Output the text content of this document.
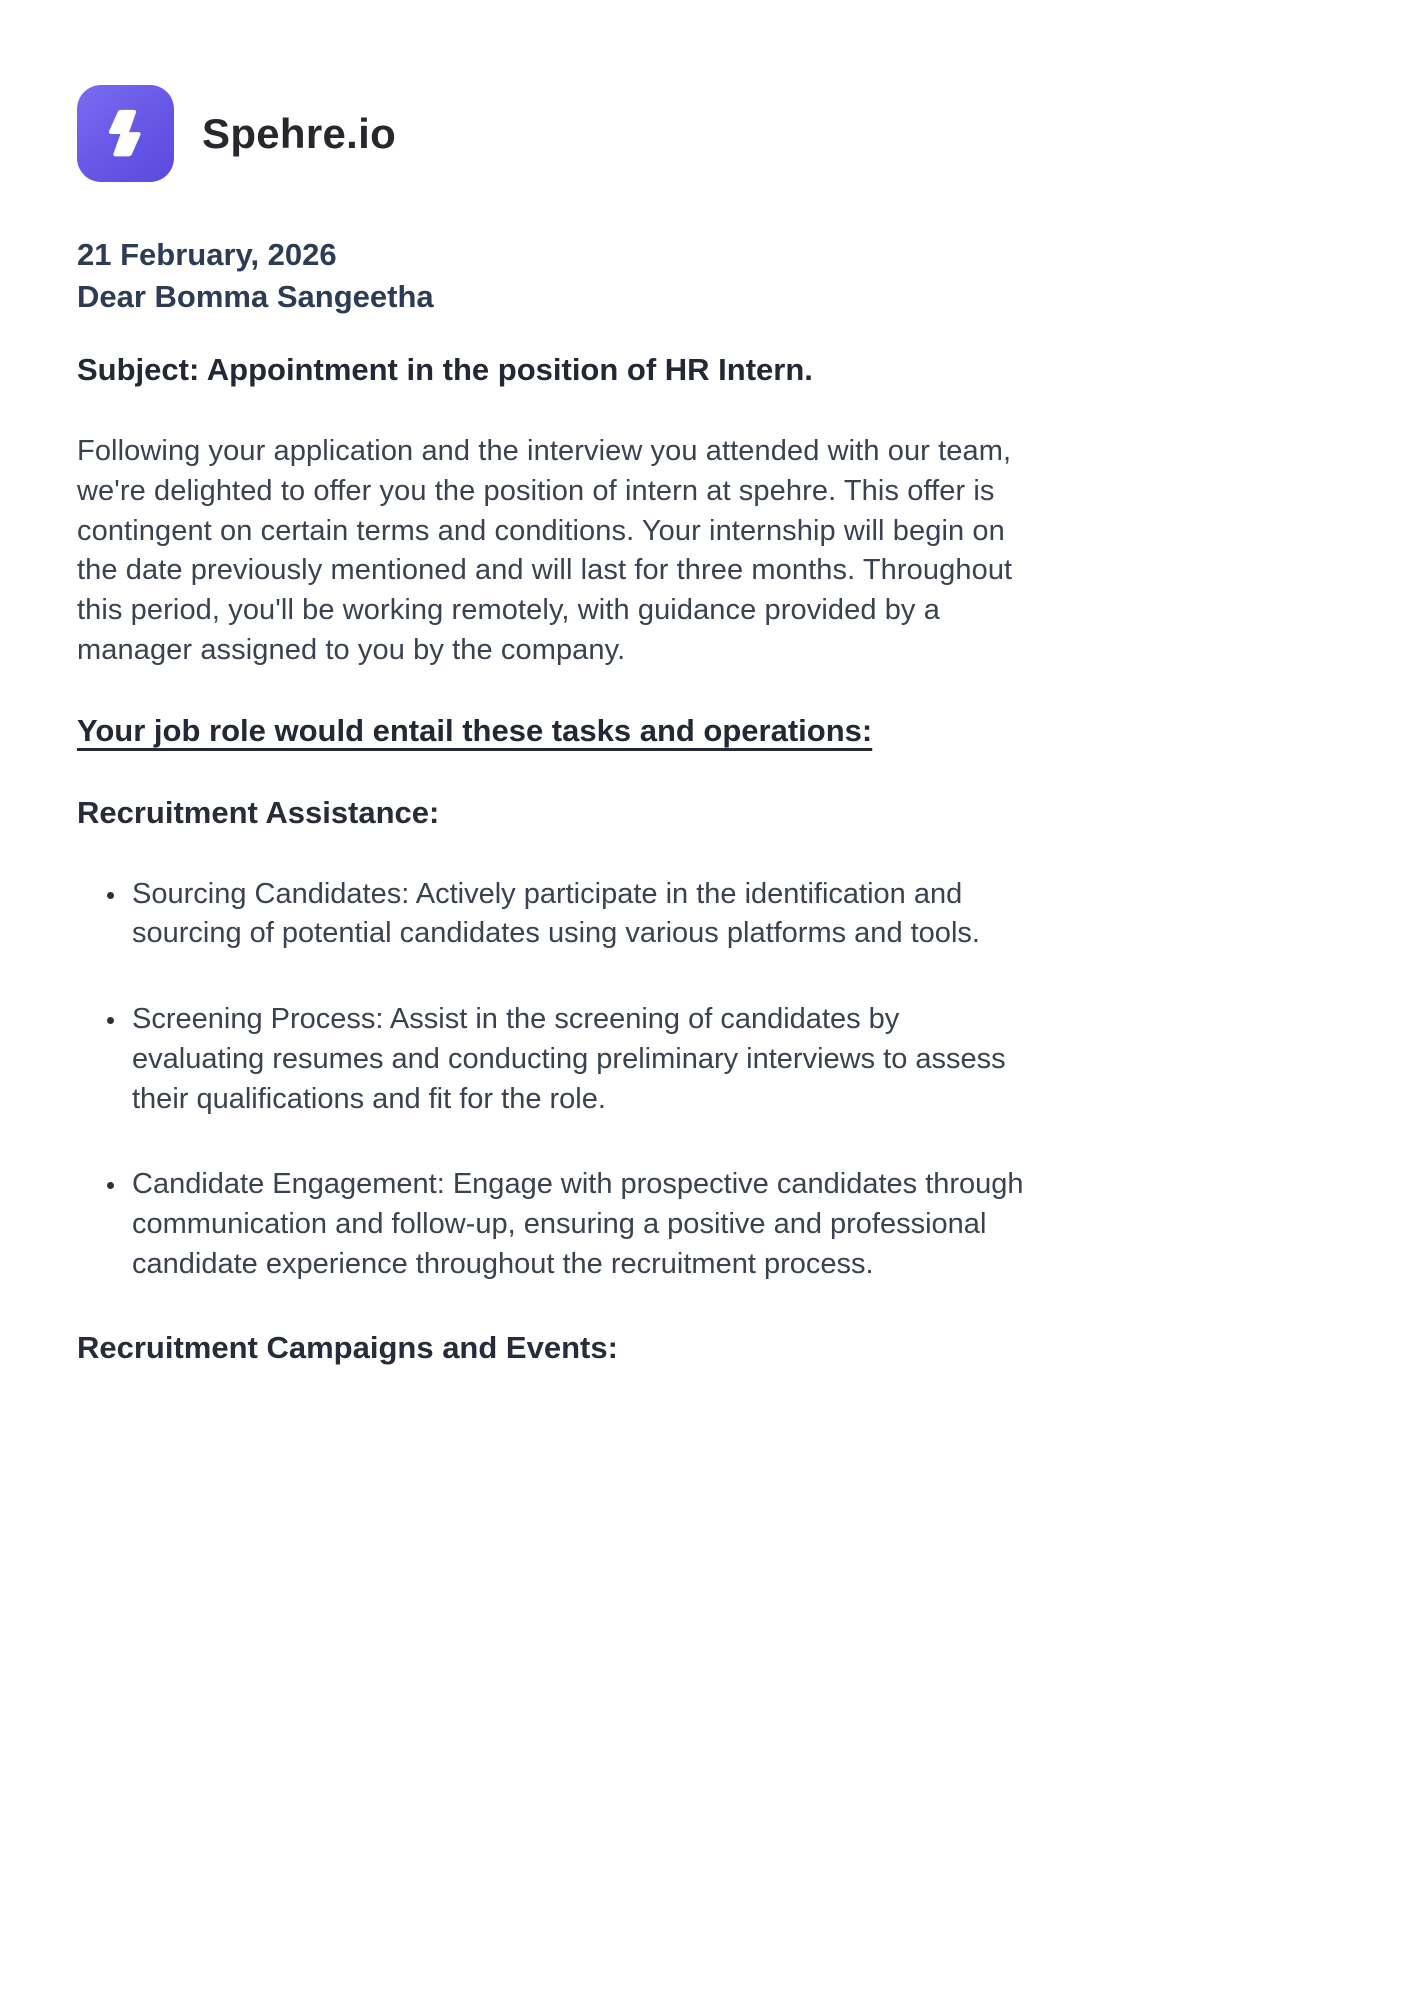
Spehre.io

21 February, 2026

Dear Bomma Sangeetha

Subject: Appointment in the position of HR Intern.

Following your application and the interview you attended with our team, we're delighted to offer you the position of intern at spehre. This offer is contingent on certain terms and conditions. Your internship will begin on the date previously mentioned and will last for three months. Throughout this period, you'll be working remotely, with guidance provided by a manager assigned to you by the company.

Your job role would entail these tasks and operations:

Recruitment Assistance:

• Sourcing Candidates: Actively participate in the identification and sourcing of potential candidates using various platforms and tools.
• Screening Process: Assist in the screening of candidates by evaluating resumes and conducting preliminary interviews to assess their qualifications and fit for the role.
• Candidate Engagement: Engage with prospective candidates through communication and follow-up, ensuring a positive and professional candidate experience throughout the recruitment process.

Recruitment Campaigns and Events:
